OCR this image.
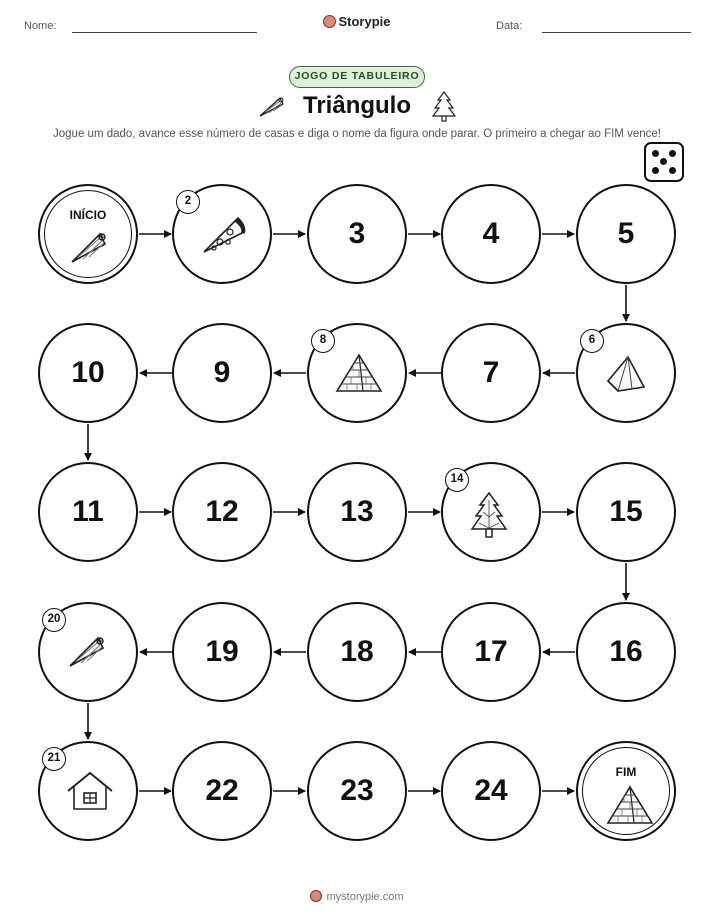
Nome:	Storypie	Data:
JOGO DE TABULEIRO
Triângulo
Jogue um dado, avance esse número de casas e diga o nome da figura onde parar. O primeiro a chegar ao FIM vence!
INÍCIO
2
3	4	5
6
7
8
9
10
11	12	13
14
15
16
17
18
19
20
21
22	23	24
FIM
mystorypie.com
